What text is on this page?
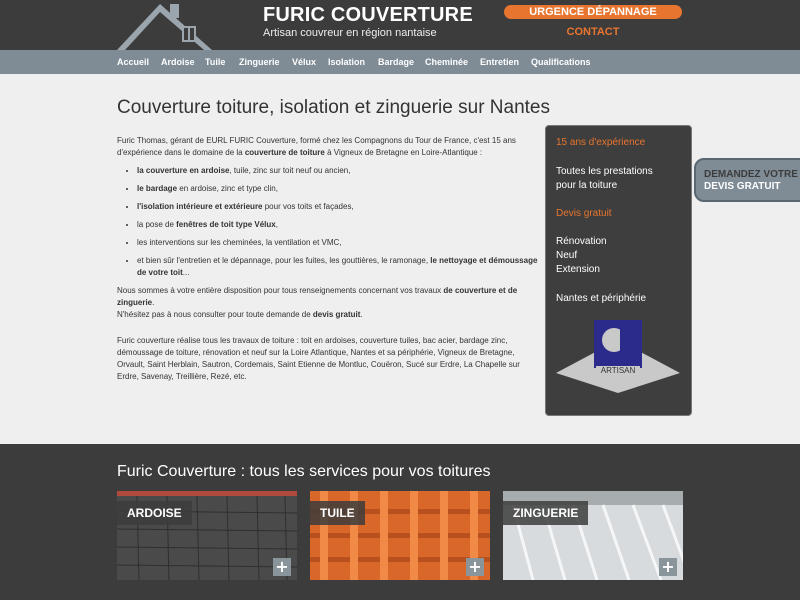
FURIC COUVERTURE
Artisan couvreur en région nantaise
URGENCE DÉPANNAGE
CONTACT
Accueil Ardoise Tuile Zinguerie Vélux Isolation Bardage Cheminée Entretien Qualifications
Couverture toiture, isolation et zinguerie sur Nantes

Furic Thomas, gérant de EURL FURIC Couverture, formé chez les Compagnons du Tour de France, c'est 15 ans d'expérience dans le domaine de la couverture de toiture à Vigneux de Bretagne en Loire-Atlantique :

• la couverture en ardoise, tuile, zinc sur toit neuf ou ancien,
• le bardage en ardoise, zinc et type clin,
• l'isolation intérieure et extérieure pour vos toits et façades,
• la pose de fenêtres de toit type Vélux,
• les interventions sur les cheminées, la ventilation et VMC,
• et bien sûr l'entretien et le dépannage, pour les fuites, les gouttières, le ramonage, le nettoyage et démoussage de votre toit...

Nous sommes à votre entière disposition pour tous renseignements concernant vos travaux de couverture et de zinguerie.
N'hésitez pas à nous consulter pour toute demande de devis gratuit.

Furic couverture réalise tous les travaux de toiture : toit en ardoises, couverture tuiles, bac acier, bardage zinc, démoussage de toiture, rénovation et neuf sur la Loire Atlantique, Nantes et sa périphérie, Vigneux de Bretagne, Orvault, Saint Herblain, Sautron, Cordemais, Saint Etienne de Montluc, Couëron, Sucé sur Erdre, La Chapelle sur Erdre, Savenay, Treillière, Rezé, etc.

15 ans d'expérience
Toutes les prestations
pour la toiture
Devis gratuit
Rénovation
Neuf
Extension
Nantes et périphérie
ARTISAN
DEMANDEZ VOTRE
DEVIS GRATUIT
Furic Couverture : tous les services pour vos toitures
ARDOISE
+
TUILE
+
ZINGUERIE
+
